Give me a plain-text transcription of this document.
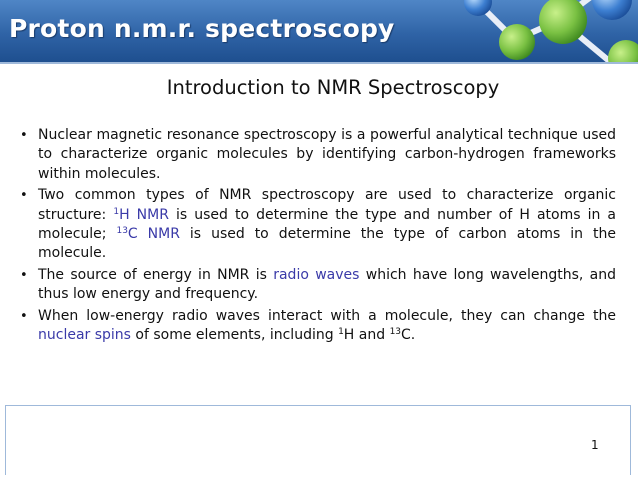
Proton n.m.r. spectroscopy
Introduction to NMR Spectroscopy
• Nuclear magnetic resonance spectroscopy is a powerful analytical technique used to characterize organic molecules by identifying carbon-hydrogen frameworks within molecules.
• Two common types of NMR spectroscopy are used to characterize organic structure: $^1$H NMR is used to determine the type and number of H atoms in a molecule; $^{13}$C NMR is used to determine the type of carbon atoms in the molecule.
• The source of energy in NMR is radio waves which have long wavelengths, and thus low energy and frequency.
• When low-energy radio waves interact with a molecule, they can change the nuclear spins of some elements, including $^1$H and $^{13}$C.
1
